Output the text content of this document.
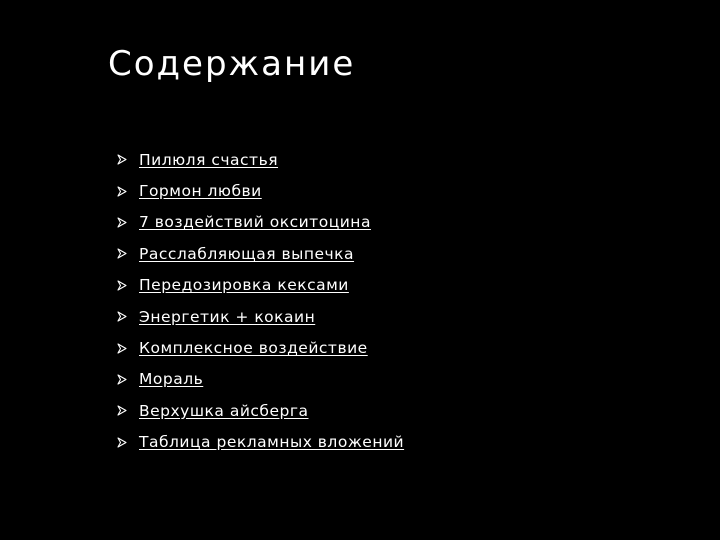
Содержание
Пилюля счастья
Гормон любви
7 воздействий окситоцина
Расслабляющая выпечка
Передозировка кексами
Энергетик + кокаин
Комплексное воздействие
Мораль
Верхушка айсберга
Таблица рекламных вложений
